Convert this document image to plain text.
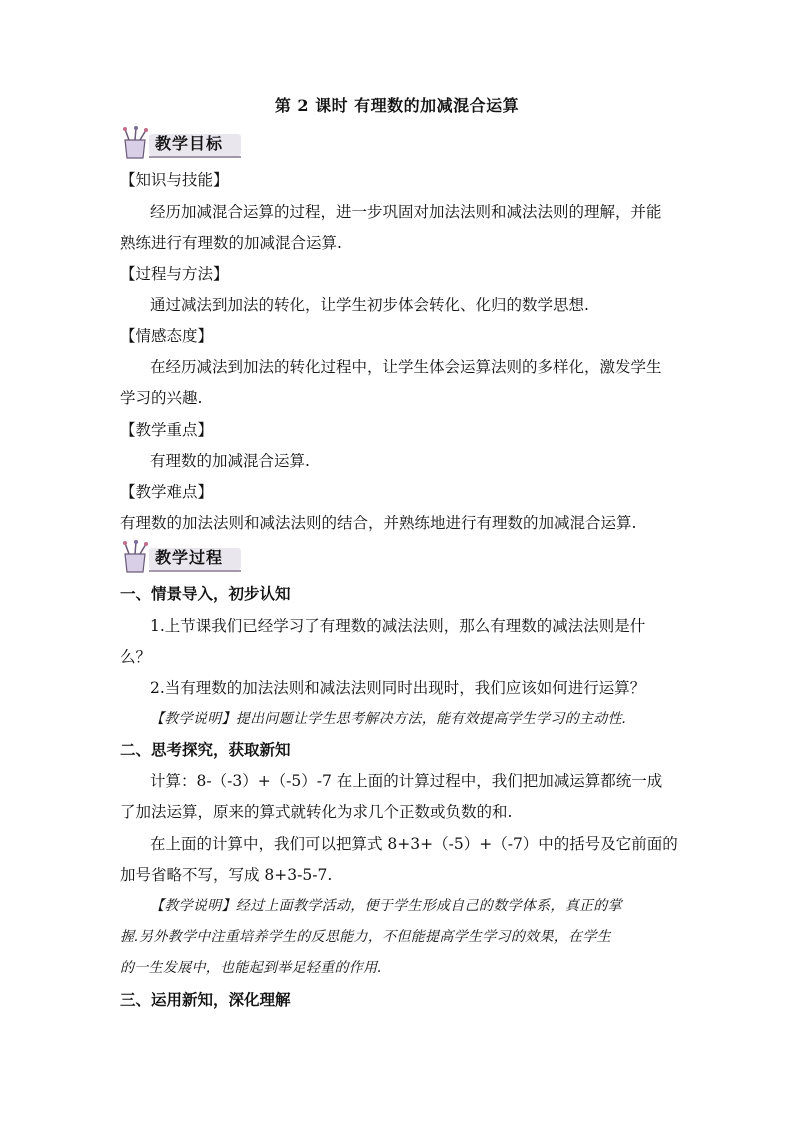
第 2 课时 有理数的加减混合运算
教学目标
【知识与技能】
经历加减混合运算的过程，进一步巩固对加法法则和减法法则的理解，并能
熟练进行有理数的加减混合运算.
【过程与方法】
通过减法到加法的转化，让学生初步体会转化、化归的数学思想.
【情感态度】
在经历减法到加法的转化过程中，让学生体会运算法则的多样化，激发学生
学习的兴趣.
【教学重点】
有理数的加减混合运算.
【教学难点】
有理数的加法法则和减法法则的结合，并熟练地进行有理数的加减混合运算.
教学过程
一、情景导入，初步认知
1.上节课我们已经学习了有理数的减法法则，那么有理数的减法法则是什
么？
2.当有理数的加法法则和减法法则同时出现时，我们应该如何进行运算？
【教学说明】提出问题让学生思考解决方法，能有效提高学生学习的主动性.
二、思考探究，获取新知
计算：8-（-3）+（-5）-7 在上面的计算过程中，我们把加减运算都统一成
了加法运算，原来的算式就转化为求几个正数或负数的和.
在上面的计算中，我们可以把算式 8+3+（-5）+（-7）中的括号及它前面的
加号省略不写，写成 8+3-5-7.
【教学说明】经过上面教学活动，便于学生形成自己的数学体系，真正的掌
握.另外教学中注重培养学生的反思能力，不但能提高学生学习的效果，在学生
的一生发展中，也能起到举足轻重的作用.
三、运用新知，深化理解
